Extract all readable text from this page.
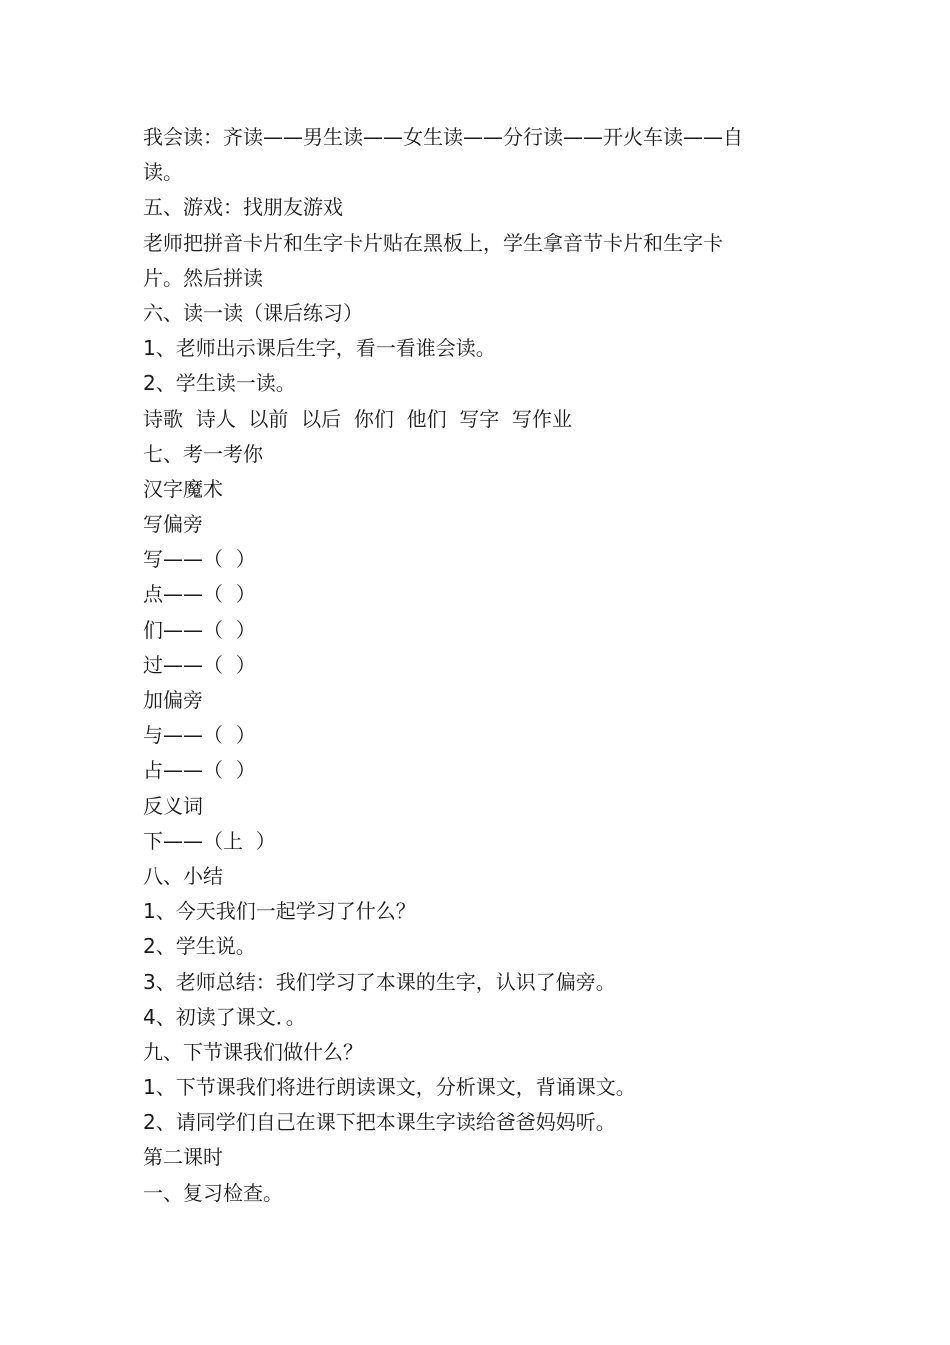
我会读：齐读——男生读——女生读——分行读——开火车读——自

读。

五、游戏：找朋友游戏

老师把拼音卡片和生字卡片贴在黑板上，学生拿音节卡片和生字卡

片。然后拼读

六、读一读（课后练习）

1、老师出示课后生字，看一看谁会读。

2、学生读一读。

诗歌  诗人  以前  以后  你们  他们  写字  写作业

七、考一考你

汉字魔术

写偏旁

写——（  ）

点——（  ）

们——（  ）

过——（  ）

加偏旁

与——（  ）

占——（  ）

反义词

下——（上  ）

八、小结

1、今天我们一起学习了什么？

2、学生说。

3、老师总结：我们学习了本课的生字，认识了偏旁。

4、初读了课文．。

九、下节课我们做什么？

1、下节课我们将进行朗读课文，分析课文，背诵课文。

2、请同学们自己在课下把本课生字读给爸爸妈妈听。

第二课时

一、复习检查。
